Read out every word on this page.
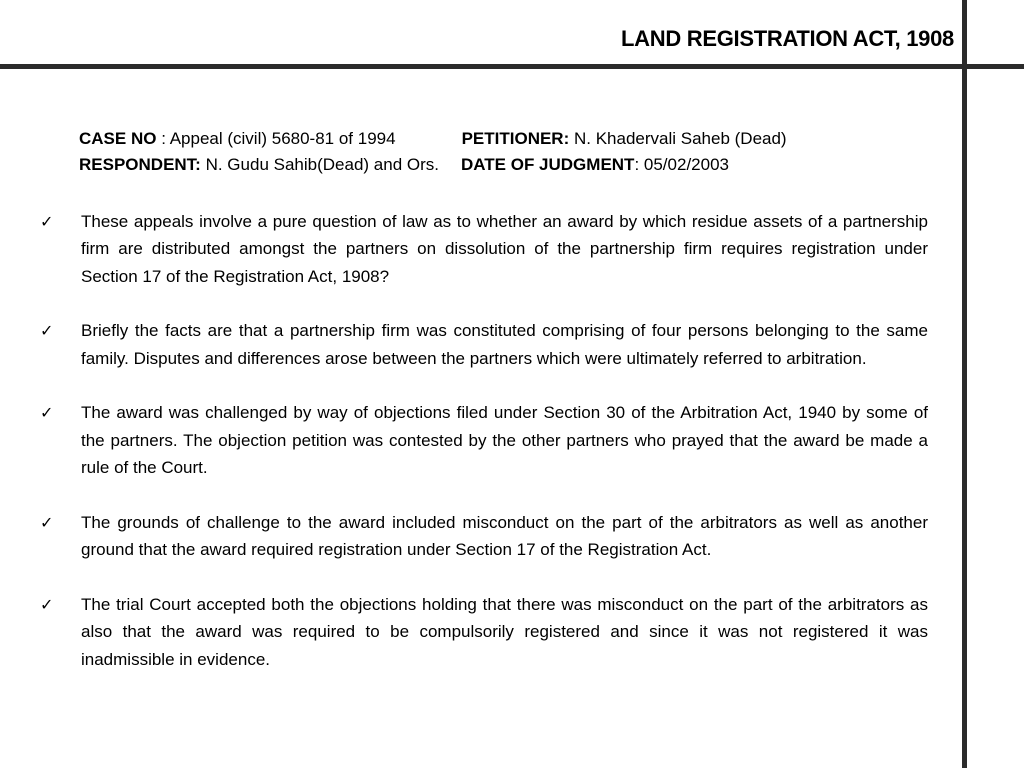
LAND REGISTRATION ACT, 1908
CASE NO : Appeal (civil) 5680-81 of 1994	PETITIONER: N. Khadervali Saheb (Dead)
RESPONDENT: N. Gudu Sahib(Dead) and Ors. DATE OF JUDGMENT: 05/02/2003
✓ These appeals involve a pure question of law as to whether an award by which residue assets of a partnership firm are distributed amongst the partners on dissolution of the partnership firm requires registration under Section 17 of the Registration Act, 1908?
✓ Briefly the facts are that a partnership firm was constituted comprising of four persons belonging to the same family. Disputes and differences arose between the partners which were ultimately referred to arbitration.
✓ The award was challenged by way of objections filed under Section 30 of the Arbitration Act, 1940 by some of the partners. The objection petition was contested by the other partners who prayed that the award be made a rule of the Court.
✓ The grounds of challenge to the award included misconduct on the part of the arbitrators as well as another ground that the award required registration under Section 17 of the Registration Act.
✓ The trial Court accepted both the objections holding that there was misconduct on the part of the arbitrators as also that the award was required to be compulsorily registered and since it was not registered it was inadmissible in evidence.
